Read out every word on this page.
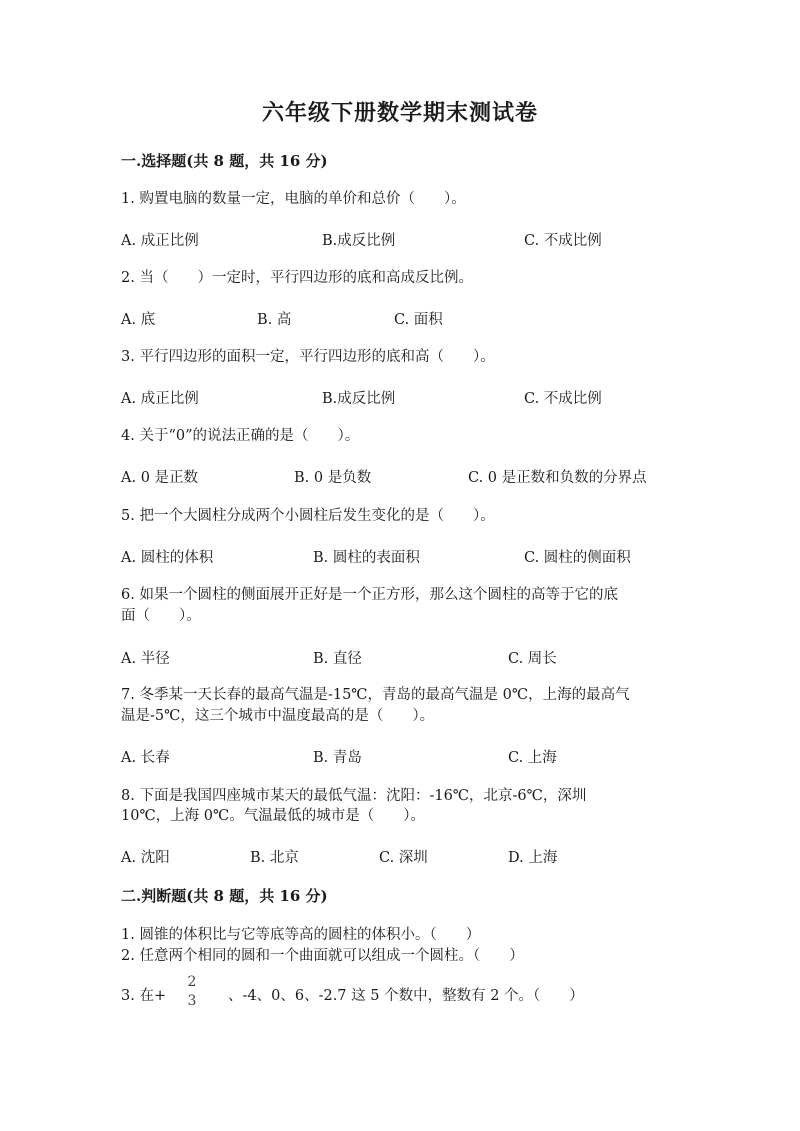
六年级下册数学期末测试卷
一.选择题(共 8 题，共 16 分)
1. 购置电脑的数量一定，电脑的单价和总价（　　）。
A. 成正比例	B.成反比例	C. 不成比例
2. 当（　　）一定时，平行四边形的底和高成反比例。
A. 底	B. 高	C. 面积
3. 平行四边形的面积一定，平行四边形的底和高（　　）。
A. 成正比例	B.成反比例	C. 不成比例
4. 关于“0”的说法正确的是（　　）。
A. 0 是正数	B. 0 是负数	C. 0 是正数和负数的分界点
5. 把一个大圆柱分成两个小圆柱后发生变化的是（　　）。
A. 圆柱的体积	B. 圆柱的表面积	C. 圆柱的侧面积
6. 如果一个圆柱的侧面展开正好是一个正方形，那么这个圆柱的高等于它的底
面（　　）。
A. 半径	B. 直径	C. 周长
7. 冬季某一天长春的最高气温是-15℃，青岛的最高气温是 0℃，上海的最高气
温是-5℃，这三个城市中温度最高的是（　　）。
A. 长春	B. 青岛	C. 上海
8. 下面是我国四座城市某天的最低气温：沈阳：-16℃，北京-6℃，深圳
10℃，上海 0℃。气温最低的城市是（　　）。
A. 沈阳	B. 北京	C. 深圳	D. 上海
二.判断题(共 8 题，共 16 分)
1. 圆锥的体积比与它等底等高的圆柱的体积小。（　　）
2. 任意两个相同的圆和一个曲面就可以组成一个圆柱。（　　）
3. 在+
2
3 、-4、0、6、-2.7 这 5 个数中，整数有 2 个。（　　）
